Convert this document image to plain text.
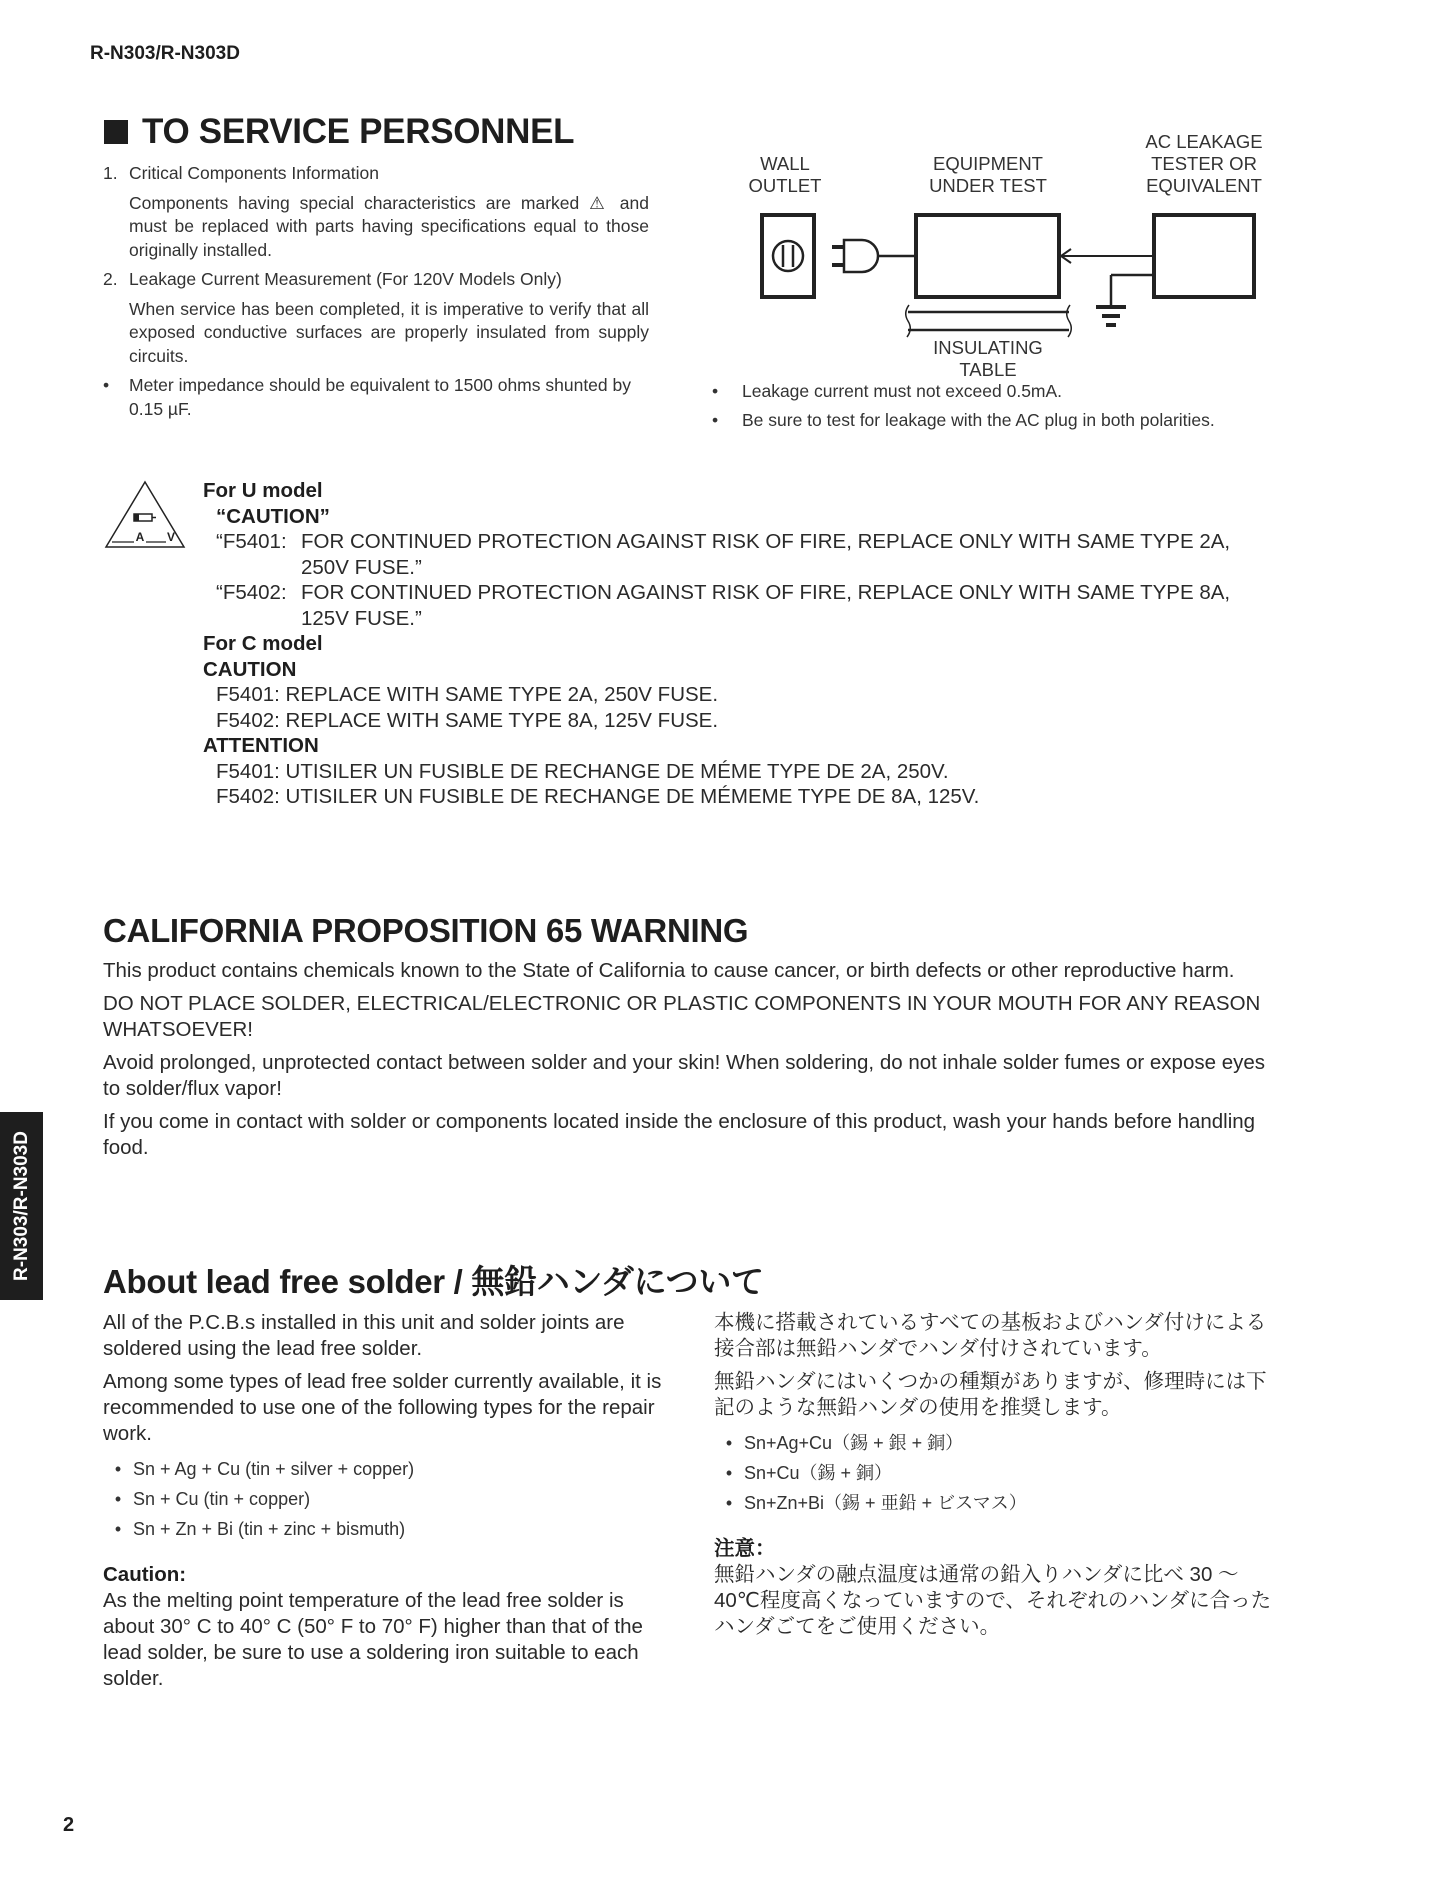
R-N303/R-N303D
TO SERVICE PERSONNEL
1. Critical Components Information
Components having special characteristics are marked ⚠ and must be replaced with parts having specifications equal to those originally installed.
2. Leakage Current Measurement (For 120V Models Only)
When service has been completed, it is imperative to verify that all exposed conductive surfaces are properly insulated from supply circuits.
•	Meter impedance should be equivalent to 1500 ohms shunted by 0.15 µF.
WALL
OUTLET
EQUIPMENT
UNDER TEST
AC LEAKAGE
TESTER OR
EQUIVALENT
INSULATING
TABLE
•	Leakage current must not exceed 0.5mA.
•	Be sure to test for leakage with the AC plug in both polarities.
A V
For U model
“CAUTION”
“F5401: FOR CONTINUED PROTECTION AGAINST RISK OF FIRE, REPLACE ONLY WITH SAME TYPE 2A,
250V FUSE.”
“F5402: FOR CONTINUED PROTECTION AGAINST RISK OF FIRE, REPLACE ONLY WITH SAME TYPE 8A,
125V FUSE.”
For C model
CAUTION
F5401: REPLACE WITH SAME TYPE 2A, 250V FUSE.
F5402: REPLACE WITH SAME TYPE 8A, 125V FUSE.
ATTENTION
F5401: UTISILER UN FUSIBLE DE RECHANGE DE MÉME TYPE DE 2A, 250V.
F5402: UTISILER UN FUSIBLE DE RECHANGE DE MÉMEME TYPE DE 8A, 125V.
CALIFORNIA PROPOSITION 65 WARNING

This product contains chemicals known to the State of California to cause cancer, or birth defects or other reproductive harm.

DO NOT PLACE SOLDER, ELECTRICAL/ELECTRONIC OR PLASTIC COMPONENTS IN YOUR MOUTH FOR ANY REASON WHATSOEVER!

Avoid prolonged, unprotected contact between solder and your skin! When soldering, do not inhale solder fumes or expose eyes to solder/flux vapor!

If you come in contact with solder or components located inside the enclosure of this product, wash your hands before handling food.

About lead free solder / 無鉛ハンダについて

All of the P.C.B.s installed in this unit and solder joints are soldered using the lead free solder.

Among some types of lead free solder currently available, it is recommended to use one of the following types for the repair work.

• Sn + Ag + Cu (tin + silver + copper)
• Sn + Cu (tin + copper)
• Sn + Zn + Bi (tin + zinc + bismuth)
Caution:
As the melting point temperature of the lead free solder is about 30° C to 40° C (50° F to 70° F) higher than that of the lead solder, be sure to use a soldering iron suitable to each solder.

本機に搭載されているすべての基板およびハンダ付けによる接合部は無鉛ハンダでハンダ付けされています。

無鉛ハンダにはいくつかの種類がありますが、修理時には下記のような無鉛ハンダの使用を推奨します。

• Sn+Ag+Cu（錫 + 銀 + 銅）
• Sn+Cu（錫 + 銅）
• Sn+Zn+Bi（錫 + 亜鉛 + ビスマス）
注意：
無鉛ハンダの融点温度は通常の鉛入りハンダに比べ 30 ～ 40℃程度高くなっていますので、それぞれのハンダに合ったハンダごてをご使用ください。
R-N303/R-N303D
2
